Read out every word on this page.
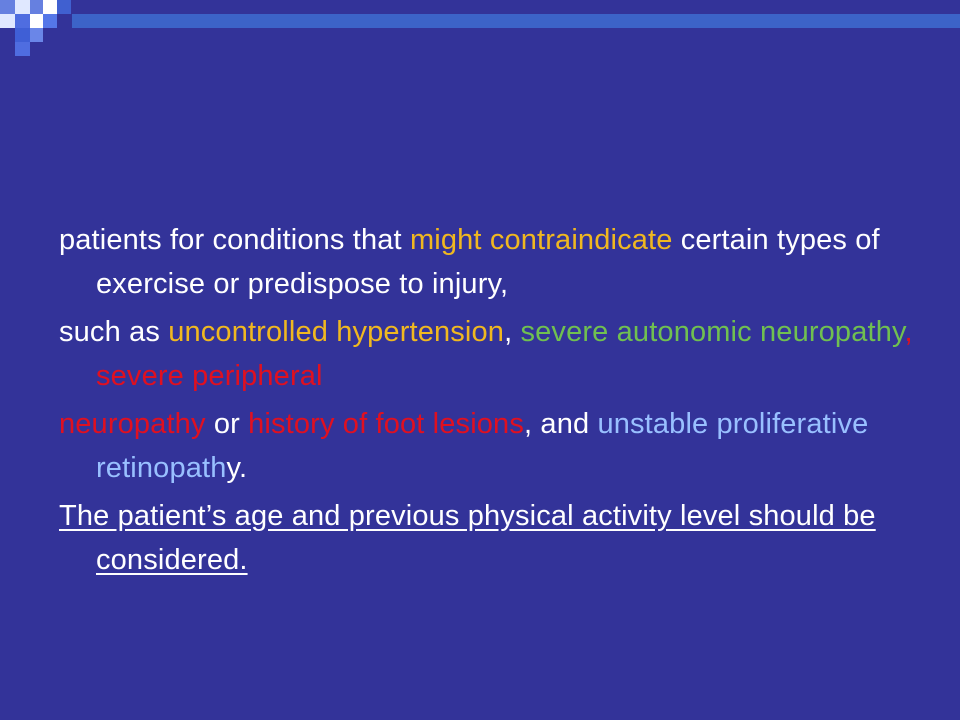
patients for conditions that might contraindicate certain types of exercise or predispose to injury,

such as uncontrolled hypertension, severe autonomic neuropathy, severe peripheral

neuropathy or history of foot lesions, and unstable proliferative retinopathy.

The patient’s age and previous physical activity level should be considered.
